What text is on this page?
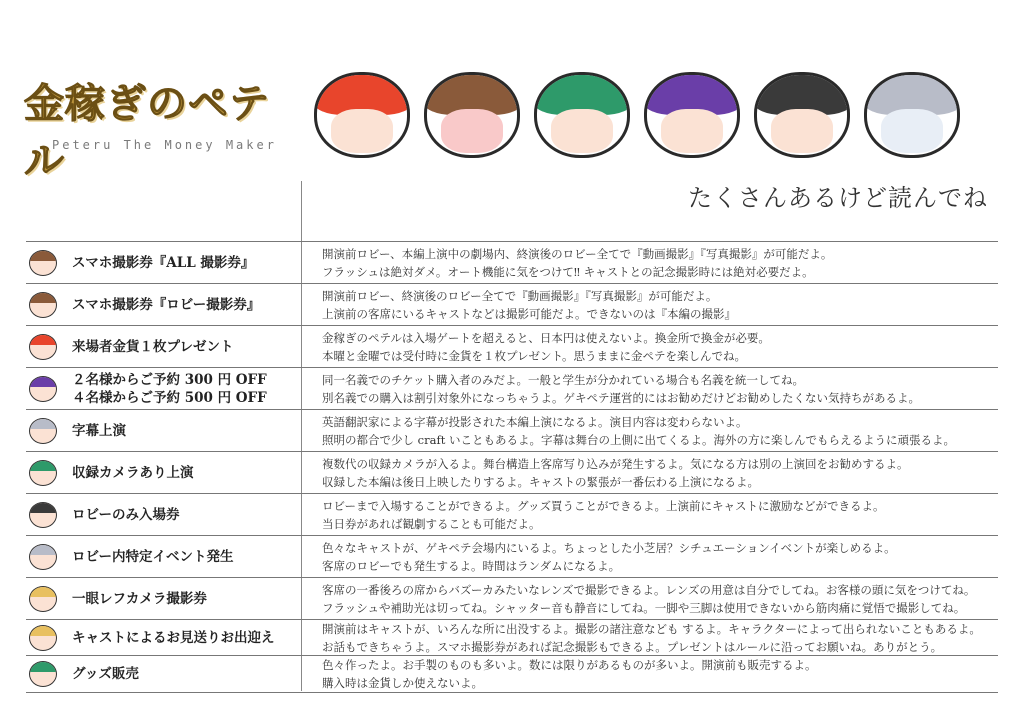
金稼ぎのペテル
Peteru The Money Maker
たくさんあるけど読んでね
スマホ撮影券『ALL 撮影券』
開演前ロビー、本編上演中の劇場内、終演後のロビー全てで『動画撮影』『写真撮影』が可能だよ。
フラッシュは絶対ダメ。オート機能に気をつけて‼ キャストとの記念撮影時には絶対必要だよ。
スマホ撮影券『ロビー撮影券』
開演前ロビー、終演後のロビー全てで『動画撮影』『写真撮影』が可能だよ。
上演前の客席にいるキャストなどは撮影可能だよ。できないのは『本編の撮影』
来場者金貨１枚プレゼント
金稼ぎのペテルは入場ゲートを超えると、日本円は使えないよ。換金所で換金が必要。
本曜と金曜では受付時に金貨を１枚プレゼント。思うままに金ペテを楽しんでね。
２名様からご予約 300 円 OFF
４名様からご予約 500 円 OFF
同一名義でのチケット購入者のみだよ。一般と学生が分かれている場合も名義を統一してね。
別名義での購入は割引対象外になっちゃうよ。ゲキペテ運営的にはお勧めだけどお勧めしたくない気持ちがあるよ。
字幕上演
英語翻訳家による字幕が投影された本編上演になるよ。演目内容は変わらないよ。
照明の都合で少し craft いこともあるよ。字幕は舞台の上側に出てくるよ。海外の方に楽しんでもらえるように頑張るよ。
収録カメラあり上演
複数代の収録カメラが入るよ。舞台構造上客席写り込みが発生するよ。気になる方は別の上演回をお勧めするよ。
収録した本編は後日上映したりするよ。キャストの緊張が一番伝わる上演になるよ。
ロビーのみ入場券
ロビーまで入場することができるよ。グッズ買うことができるよ。上演前にキャストに激励などができるよ。
当日券があれば観劇することも可能だよ。
ロビー内特定イベント発生
色々なキャストが、ゲキペテ会場内にいるよ。ちょっとした小芝居？シチュエーションイベントが楽しめるよ。
客席のロビーでも発生するよ。時間はランダムになるよ。
一眼レフカメラ撮影券
客席の一番後ろの席からバズーカみたいなレンズで撮影できるよ。レンズの用意は自分でしてね。お客様の頭に気をつけてね。
フラッシュや補助光は切ってね。シャッター音も静音にしてね。一脚や三脚は使用できないから筋肉痛に覚悟で撮影してね。
キャストによるお見送りお出迎え
開演前はキャストが、いろんな所に出没するよ。撮影の諸注意なども するよ。キャラクターによって出られないこともあるよ。
お話もできちゃうよ。スマホ撮影券があれば記念撮影もできるよ。プレゼントはルールに沿ってお願いね。ありがとう。
グッズ販売
色々作ったよ。お手製のものも多いよ。数には限りがあるものが多いよ。開演前も販売するよ。
購入時は金貨しか使えないよ。
